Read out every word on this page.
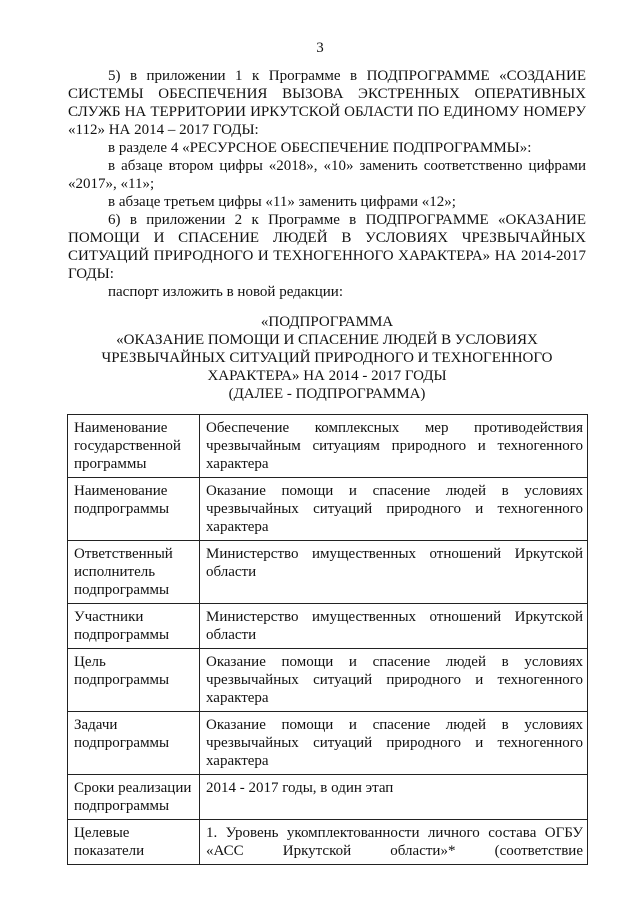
3

5) в приложении 1 к Программе в ПОДПРОГРАММЕ «СОЗДАНИЕ СИСТЕМЫ ОБЕСПЕЧЕНИЯ ВЫЗОВА ЭКСТРЕННЫХ ОПЕРАТИВНЫХ СЛУЖБ НА ТЕРРИТОРИИ ИРКУТСКОЙ ОБЛАСТИ ПО ЕДИНОМУ НОМЕРУ «112» НА 2014 – 2017 ГОДЫ:

в разделе 4 «РЕСУРСНОЕ ОБЕСПЕЧЕНИЕ ПОДПРОГРАММЫ»:

в абзаце втором цифры «2018», «10» заменить соответственно цифрами «2017», «11»;

в абзаце третьем цифры «11» заменить цифрами «12»;

6) в приложении 2 к Программе в ПОДПРОГРАММЕ «ОКАЗАНИЕ ПОМОЩИ И СПАСЕНИЕ ЛЮДЕЙ В УСЛОВИЯХ ЧРЕЗВЫЧАЙНЫХ СИТУАЦИЙ ПРИРОДНОГО И ТЕХНОГЕННОГО ХАРАКТЕРА» НА 2014-2017 ГОДЫ:

паспорт изложить в новой редакции:

«ПОДПРОГРАММА
«ОКАЗАНИЕ ПОМОЩИ И СПАСЕНИЕ ЛЮДЕЙ В УСЛОВИЯХ
ЧРЕЗВЫЧАЙНЫХ СИТУАЦИЙ ПРИРОДНОГО И ТЕХНОГЕННОГО
ХАРАКТЕРА» НА 2014 - 2017 ГОДЫ
(ДАЛЕЕ - ПОДПРОГРАММА)
Наименование государственной программы	Обеспечение комплексных мер противодействия чрезвычайным ситуациям природного и техногенного характера
Наименование подпрограммы	Оказание помощи и спасение людей в условиях чрезвычайных ситуаций природного и техногенного характера
Ответственный исполнитель подпрограммы	Министерство имущественных отношений Иркутской области
Участники подпрограммы	Министерство имущественных отношений Иркутской области
Цель подпрограммы	Оказание помощи и спасение людей в условиях чрезвычайных ситуаций природного и техногенного характера
Задачи подпрограммы	Оказание помощи и спасение людей в условиях чрезвычайных ситуаций природного и техногенного характера
Сроки реализации подпрограммы	2014 - 2017 годы, в один этап
Целевые показатели	1. Уровень укомплектованности личного состава ОГБУ «АСС Иркутской области»* (соответствие
